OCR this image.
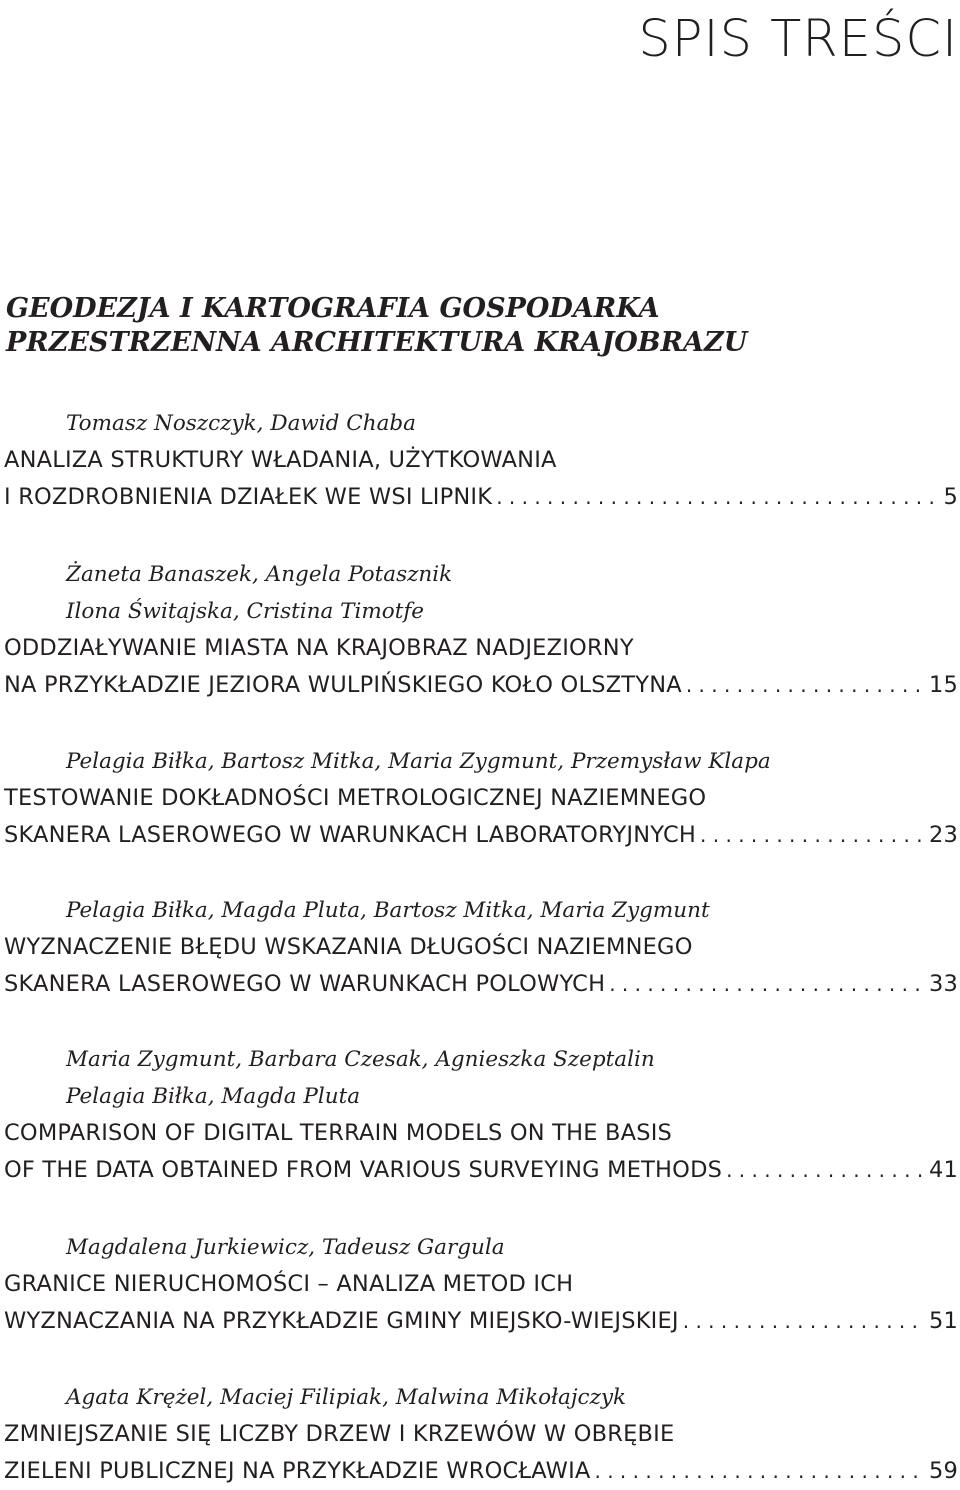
SPIS TREŚCI
GEODEZJA I KARTOGRAFIA GOSPODARKA
PRZESTRZENNA ARCHITEKTURA KRAJOBRAZU
Tomasz Noszczyk, Dawid Chaba
ANALIZA STRUKTURY WŁADANIA, UŻYTKOWANIA
I ROZDROBNIENIA DZIAŁEK WE WSI LIPNIK . . .	5
Żaneta Banaszek, Angela Potasznik
Ilona Świtajska, Cristina Timotfe
ODDZIAŁYWANIE MIASTA NA KRAJOBRAZ NADJEZIORNY
NA PRZYKŁADZIE JEZIORA WULPIŃSKIEGO KOŁO OLSZTYNA . . .	15
Pelagia Biłka, Bartosz Mitka, Maria Zygmunt, Przemysław Klapa
TESTOWANIE DOKŁADNOŚCI METROLOGICZNEJ NAZIEMNEGO
SKANERA LASEROWEGO W WARUNKACH LABORATORYJNYCH . . .	23
Pelagia Biłka, Magda Pluta, Bartosz Mitka, Maria Zygmunt
WYZNACZENIE BŁĘDU WSKAZANIA DŁUGOŚCI NAZIEMNEGO
SKANERA LASEROWEGO W WARUNKACH POLOWYCH . . .	33
Maria Zygmunt, Barbara Czesak, Agnieszka Szeptalin
Pelagia Biłka, Magda Pluta
COMPARISON OF DIGITAL TERRAIN MODELS ON THE BASIS
OF THE DATA OBTAINED FROM VARIOUS SURVEYING METHODS . . .	41
Magdalena Jurkiewicz, Tadeusz Gargula
GRANICE NIERUCHOMOŚCI – ANALIZA METOD ICH
WYZNACZANIA NA PRZYKŁADZIE GMINY MIEJSKO-WIEJSKIEJ . . .	51
Agata Krężel, Maciej Filipiak, Malwina Mikołajczyk
ZMNIEJSZANIE SIĘ LICZBY DRZEW I KRZEWÓW W OBRĘBIE
ZIELENI PUBLICZNEJ NA PRZYKŁADZIE WROCŁAWIA . . .	59
